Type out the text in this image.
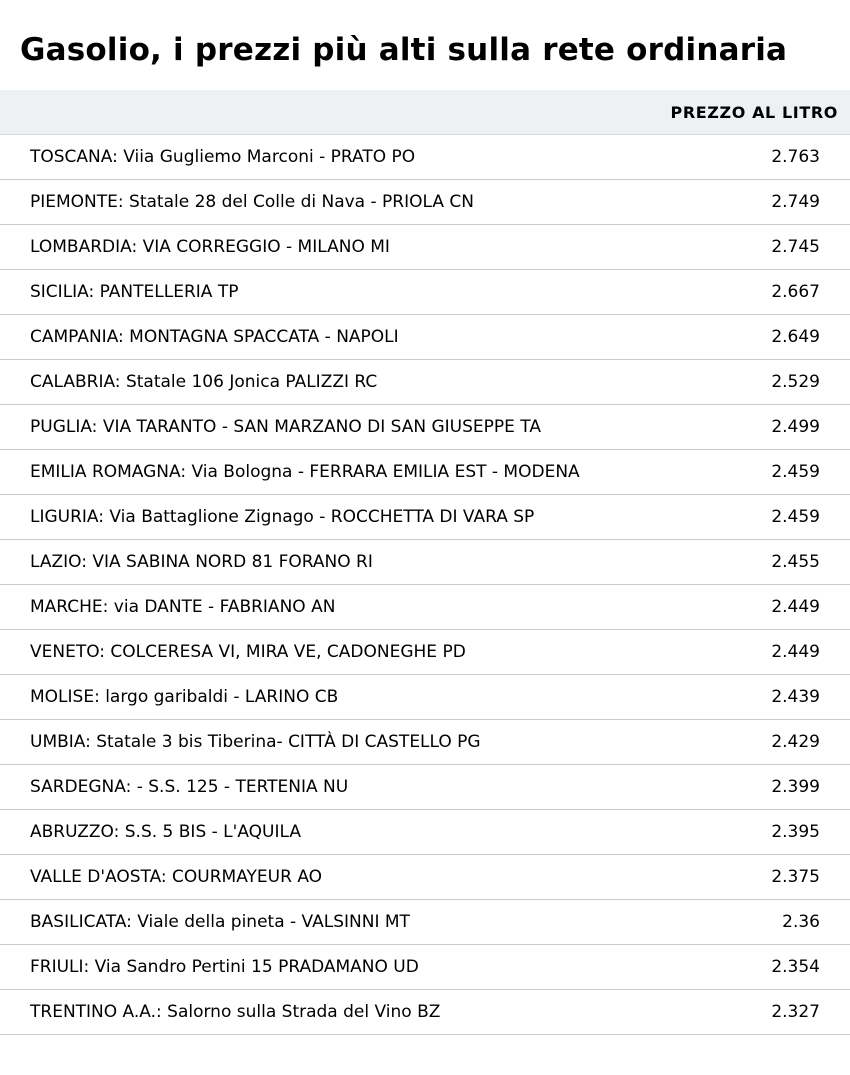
Gasolio, i prezzi più alti sulla rete ordinaria
PREZZO AL LITRO
TOSCANA: Viia Gugliemo Marconi - PRATO PO	2.763
PIEMONTE: Statale 28 del Colle di Nava - PRIOLA CN	2.749
LOMBARDIA: VIA CORREGGIO - MILANO MI	2.745
SICILIA: PANTELLERIA TP	2.667
CAMPANIA: MONTAGNA SPACCATA - NAPOLI	2.649
CALABRIA: Statale 106 Jonica PALIZZI RC	2.529
PUGLIA: VIA TARANTO - SAN MARZANO DI SAN GIUSEPPE TA	2.499
EMILIA ROMAGNA: Via Bologna - FERRARA EMILIA EST - MODENA	2.459
LIGURIA: Via Battaglione Zignago - ROCCHETTA DI VARA SP	2.459
LAZIO: VIA SABINA NORD 81 FORANO RI	2.455
MARCHE: via DANTE - FABRIANO AN	2.449
VENETO: COLCERESA VI, MIRA VE, CADONEGHE PD	2.449
MOLISE: largo garibaldi - LARINO CB	2.439
UMBIA: Statale 3 bis Tiberina- CITTÀ DI CASTELLO PG	2.429
SARDEGNA: - S.S. 125 - TERTENIA NU	2.399
ABRUZZO: S.S. 5 BIS - L'AQUILA	2.395
VALLE D'AOSTA: COURMAYEUR AO	2.375
BASILICATA: Viale della pineta - VALSINNI MT	2.36
FRIULI: Via Sandro Pertini 15 PRADAMANO UD	2.354
TRENTINO A.A.: Salorno sulla Strada del Vino BZ	2.327
